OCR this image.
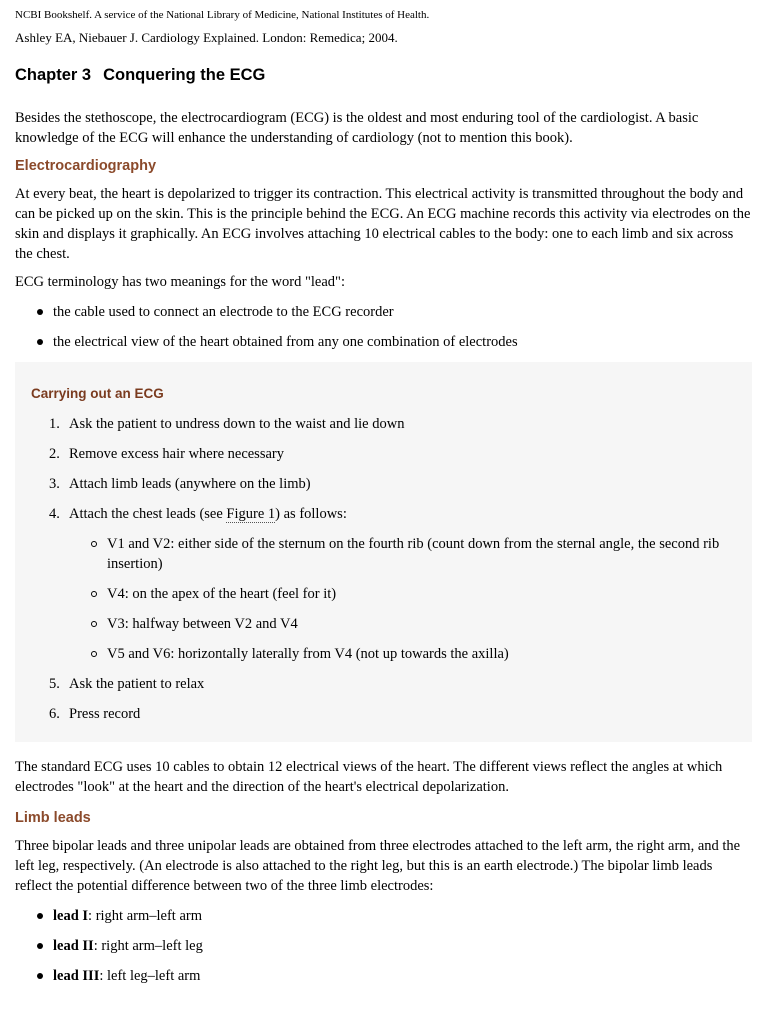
NCBI Bookshelf. A service of the National Library of Medicine, National Institutes of Health.

Ashley EA, Niebauer J. Cardiology Explained. London: Remedica; 2004.

Chapter 3 Conquering the ECG

Besides the stethoscope, the electrocardiogram (ECG) is the oldest and most enduring tool of the cardiologist. A basic knowledge of the ECG will enhance the understanding of cardiology (not to mention this book).

Electrocardiography

At every beat, the heart is depolarized to trigger its contraction. This electrical activity is transmitted throughout the body and can be picked up on the skin. This is the principle behind the ECG. An ECG machine records this activity via electrodes on the skin and displays it graphically. An ECG involves attaching 10 electrical cables to the body: one to each limb and six across the chest.

ECG terminology has two meanings for the word "lead":

the cable used to connect an electrode to the ECG recorder
the electrical view of the heart obtained from any one combination of electrodes
Carrying out an ECG
1. Ask the patient to undress down to the waist and lie down
2. Remove excess hair where necessary
3. Attach limb leads (anywhere on the limb)
4. Attach the chest leads (see Figure 1) as follows:
V1 and V2: either side of the sternum on the fourth rib (count down from the sternal angle, the second rib insertion)
V4: on the apex of the heart (feel for it)
V3: halfway between V2 and V4
V5 and V6: horizontally laterally from V4 (not up towards the axilla)
5. Ask the patient to relax
6. Press record

The standard ECG uses 10 cables to obtain 12 electrical views of the heart. The different views reflect the angles at which electrodes "look" at the heart and the direction of the heart's electrical depolarization.

Limb leads

Three bipolar leads and three unipolar leads are obtained from three electrodes attached to the left arm, the right arm, and the left leg, respectively. (An electrode is also attached to the right leg, but this is an earth electrode.) The bipolar limb leads reflect the potential difference between two of the three limb electrodes:

lead I: right arm–left arm
lead II: right arm–left leg
lead III: left leg–left arm
